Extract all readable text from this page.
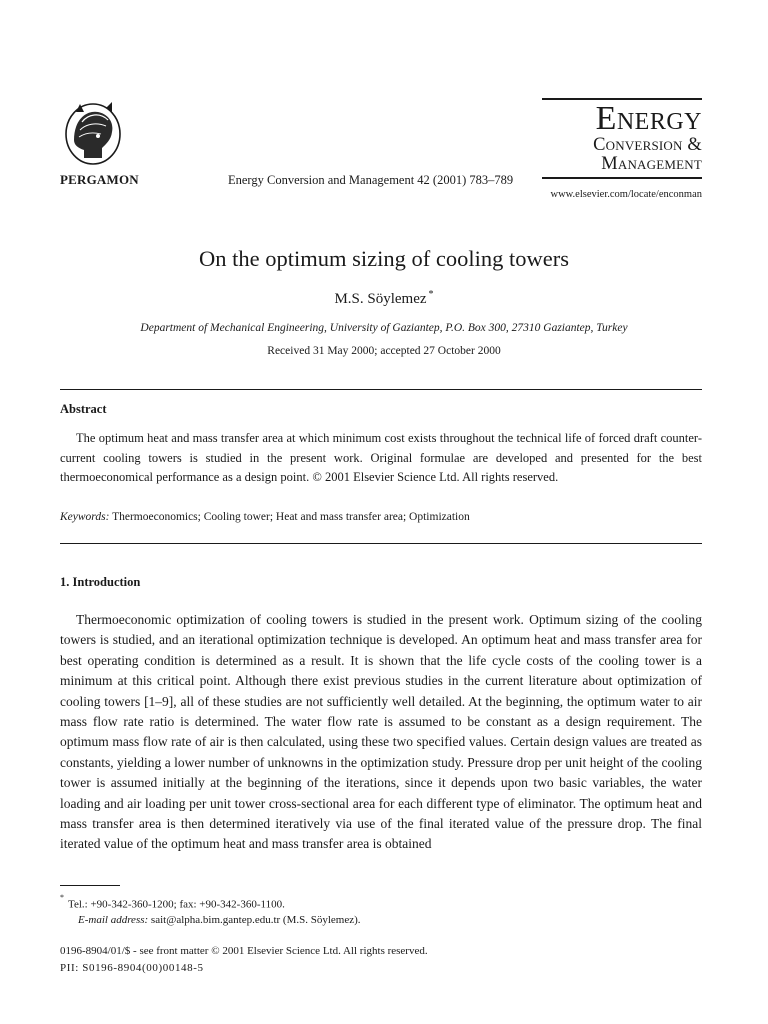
PERGAMON	Energy Conversion and Management 42 (2001) 783–789
Energy
Conversion &
Management
www.elsevier.com/locate/enconman
On the optimum sizing of cooling towers
M.S. Söylemez *
Department of Mechanical Engineering, University of Gaziantep, P.O. Box 300, 27310 Gaziantep, Turkey
Received 31 May 2000; accepted 27 October 2000
Abstract
The optimum heat and mass transfer area at which minimum cost exists throughout the technical life of forced draft counter-current cooling towers is studied in the present work. Original formulae are developed and presented for the best thermoeconomical performance as a design point. © 2001 Elsevier Science Ltd. All rights reserved.
Keywords: Thermoeconomics; Cooling tower; Heat and mass transfer area; Optimization
1. Introduction
Thermoeconomic optimization of cooling towers is studied in the present work. Optimum sizing of the cooling towers is studied, and an iterational optimization technique is developed. An optimum heat and mass transfer area for best operating condition is determined as a result. It is shown that the life cycle costs of the cooling tower is a minimum at this critical point. Although there exist previous studies in the current literature about optimization of cooling towers [1–9], all of these studies are not sufficiently well detailed. At the beginning, the optimum water to air mass flow rate ratio is determined. The water flow rate is assumed to be constant as a design requirement. The optimum mass flow rate of air is then calculated, using these two specified values. Certain design values are treated as constants, yielding a lower number of unknowns in the optimization study. Pressure drop per unit height of the cooling tower is assumed initially at the beginning of the iterations, since it depends upon two basic variables, the water loading and air loading per unit tower cross-sectional area for each different type of eliminator. The optimum heat and mass transfer area is then determined iteratively via use of the final iterated value of the pressure drop. The final iterated value of the optimum heat and mass transfer area is obtained
*Tel.: +90-342-360-1200; fax: +90-342-360-1100.
E-mail address: sait@alpha.bim.gantep.edu.tr (M.S. Söylemez).
0196-8904/01/$ - see front matter © 2001 Elsevier Science Ltd. All rights reserved.
PII: S0196-8904(00)00148-5
